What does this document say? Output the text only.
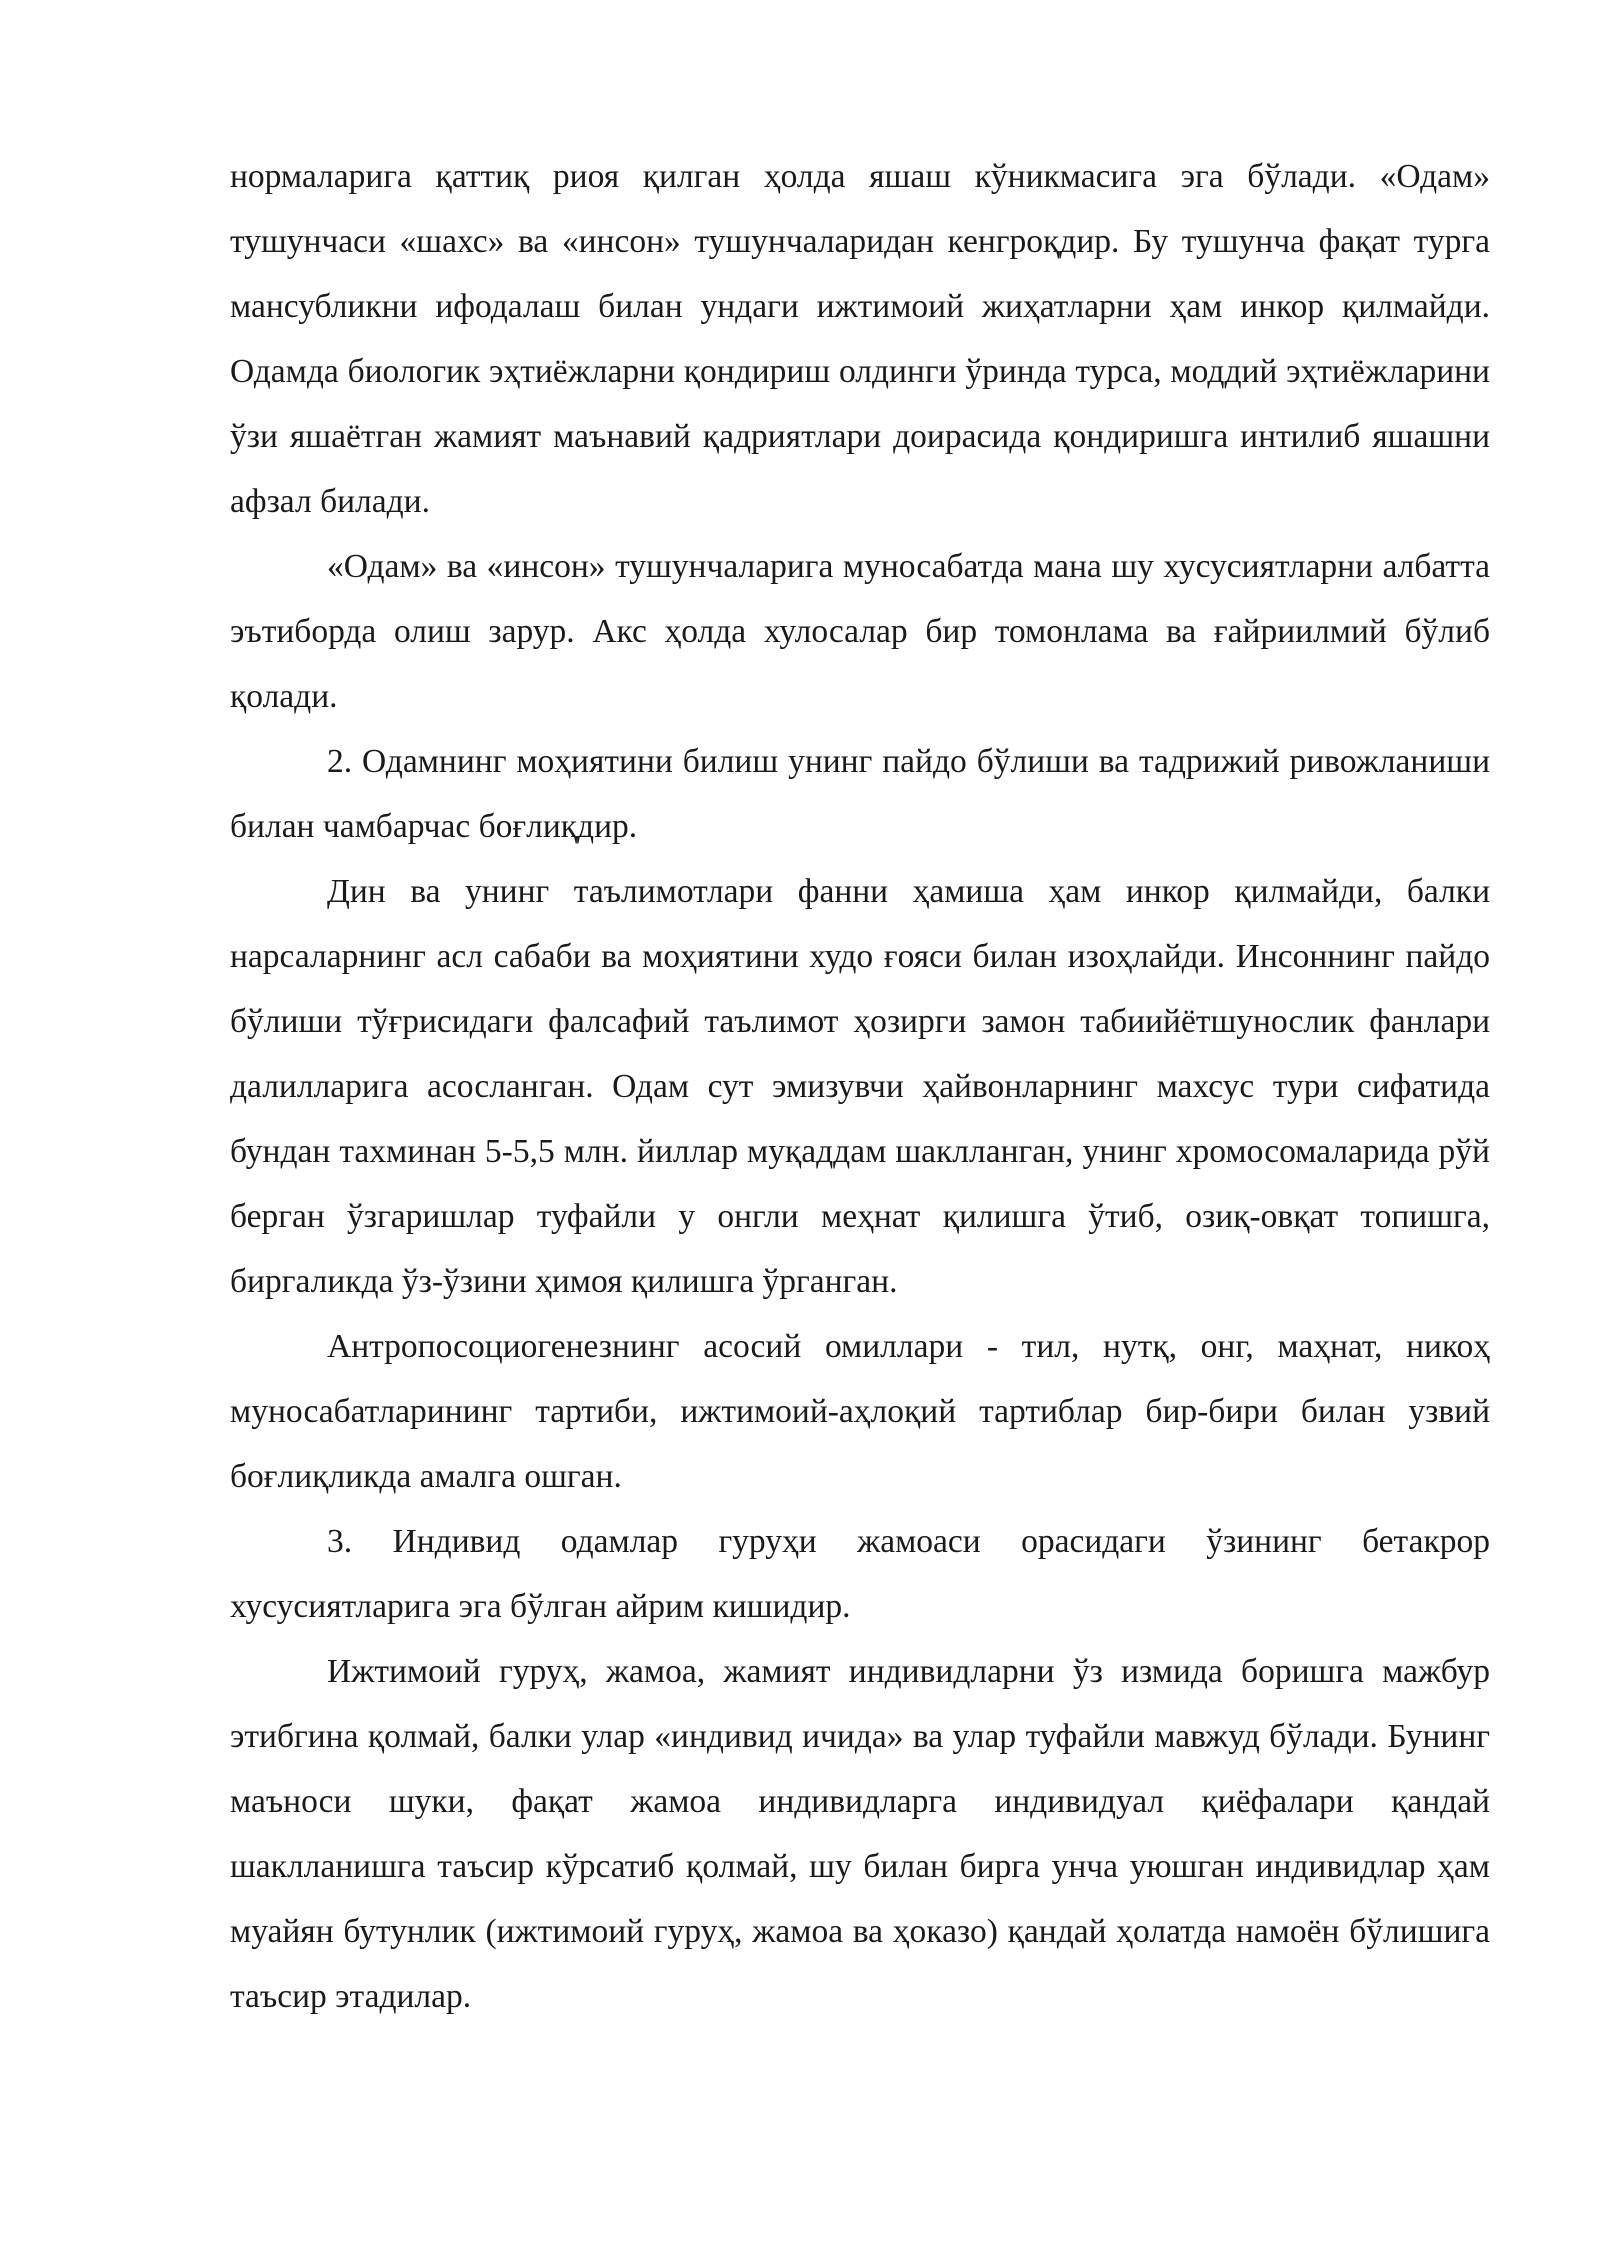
нормаларига қаттиқ риоя қилган ҳолда яшаш кўникмасига эга бўлади. «Одам» тушунчаси «шахс» ва «инсон» тушунчаларидан кенгроқдир. Бу тушунча фақат турга мансубликни ифодалаш билан ундаги ижтимоий жиҳатларни ҳам инкор қилмайди. Одамда биологик эҳтиёжларни қондириш олдинги ўринда турса, моддий эҳтиёжларини ўзи яшаётган жамият маънавий қадриятлари доирасида қондиришга интилиб яшашни афзал билади.

«Одам» ва «инсон» тушунчаларига муносабатда мана шу хусусиятларни албатта эътиборда олиш зарур. Акс ҳолда хулосалар бир томонлама ва ғайриилмий бўлиб қолади.

2. Одамнинг моҳиятини билиш унинг пайдо бўлиши ва тадрижий ривожланиши билан чамбарчас боғлиқдир.

Дин ва унинг таълимотлари фанни ҳамиша ҳам инкор қилмайди, балки нарсаларнинг асл сабаби ва моҳиятини худо ғояси билан изоҳлайди. Инсоннинг пайдо бўлиши тўғрисидаги фалсафий таълимот ҳозирги замон табиийётшунослик фанлари далилларига асосланган. Одам сут эмизувчи ҳайвонларнинг махсус тури сифатида бундан тахминан 5-5,5 млн. йиллар муқаддам шаклланган, унинг хромосомаларида рўй берган ўзгаришлар туфайли у онгли меҳнат қилишга ўтиб, озиқ-овқат топишга, биргаликда ўз-ўзини ҳимоя қилишга ўрганган.

Антропосоциогенезнинг асосий омиллари - тил, нутқ, онг, маҳнат, никоҳ муносабатларининг тартиби, ижтимоий-аҳлоқий тартиблар бир-бири билан узвий боғлиқликда амалга ошган.

3. Индивид одамлар гуруҳи жамоаси орасидаги ўзининг бетакрор хусусиятларига эга бўлган айрим кишидир.

Ижтимоий гуруҳ, жамоа, жамият индивидларни ўз измида боришга мажбур этибгина қолмай, балки улар «индивид ичида» ва улар туфайли мавжуд бўлади. Бунинг маъноси шуки, фақат жамоа индивидларга индивидуал қиёфалари қандай шаклланишга таъсир кўрсатиб қолмай, шу билан бирга унча уюшган индивидлар ҳам муайян бутунлик (ижтимоий гуруҳ, жамоа ва ҳоказо) қандай ҳолатда намоён бўлишига таъсир этадилар.
